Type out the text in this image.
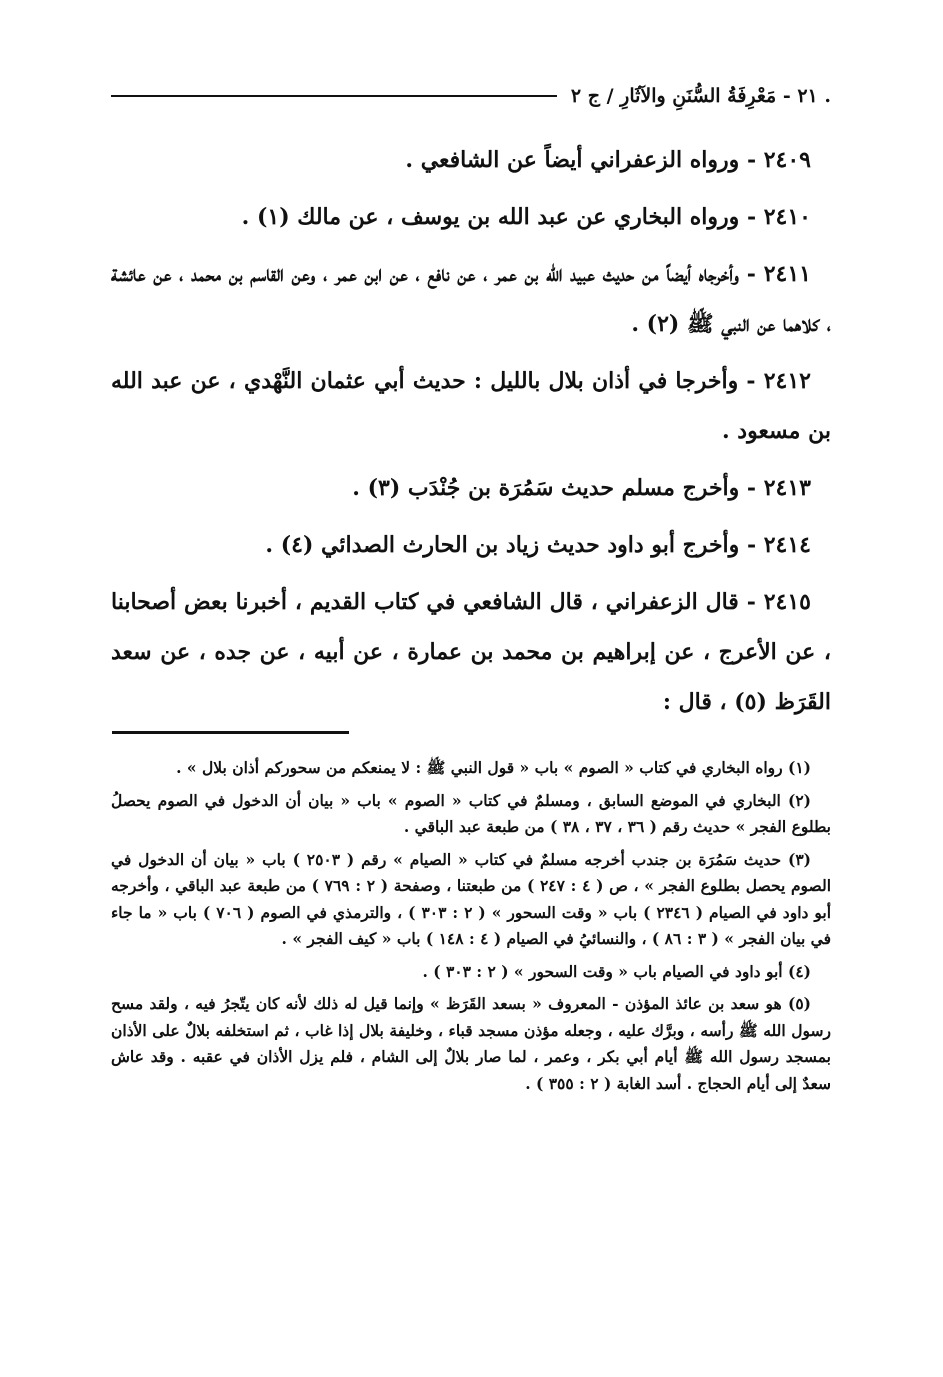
. ٢١ - مَعْرِفَةُ السُّنَنِ والآثَارِ / ج ٢

٢٤٠٩ - ورواه الزعفراني أيضاً عن الشافعي .

٢٤١٠ - ورواه البخاري عن عبد الله بن يوسف ، عن مالك (١) .

٢٤١١ - وأخرجاه أيضاً من حديث عبيد الله بن عمر ، عن نافع ، عن ابن عمر ، وعن القاسم بن محمد ، عن عائشة ، كلاهما عن النبي ﷺ (٢) .

٢٤١٢ - وأخرجا في أذان بلال بالليل : حديث أبي عثمان النَّهْدي ، عن عبد الله بن مسعود .

٢٤١٣ - وأخرج مسلم حديث سَمُرَة بن جُنْدَب (٣) .

٢٤١٤ - وأخرج أبو داود حديث زياد بن الحارث الصدائي (٤) .

٢٤١٥ - قال الزعفراني ، قال الشافعي في كتاب القديم ، أخبرنا بعض أصحابنا ، عن الأعرج ، عن إبراهيم بن محمد بن عمارة ، عن أبيه ، عن جده ، عن سعد القَرَظ (٥) ، قال :

(١) رواه البخاري في كتاب « الصوم » باب « قول النبي ﷺ : لا يمنعكم من سحوركم أذان بلال » .

(٢) البخاري في الموضع السابق ، ومسلمٌ في كتاب « الصوم » باب « بيان أن الدخول في الصوم يحصلُ بطلوع الفجر » حديث رقم ( ٣٦ ، ٣٧ ، ٣٨ ) من طبعة عبد الباقي .

(٣) حديث سَمُرَة بن جندب أخرجه مسلمٌ في كتاب « الصيام » رقم ( ٢٥٠٣ ) باب « بيان أن الدخول في الصوم يحصل بطلوع الفجر » ، ص ( ٤ : ٢٤٧ ) من طبعتنا ، وصفحة ( ٢ : ٧٦٩ ) من طبعة عبد الباقي ، وأخرجه أبو داود في الصيام ( ٢٣٤٦ ) باب « وقت السحور » ( ٢ : ٣٠٣ ) ، والترمذي في الصوم ( ٧٠٦ ) باب « ما جاء في بيان الفجر » ( ٣ : ٨٦ ) ، والنسائيُ في الصيام ( ٤ : ١٤٨ ) باب « كيف الفجر » .

(٤) أبو داود في الصيام باب « وقت السحور » ( ٢ : ٣٠٣ ) .

(٥) هو سعد بن عائذ المؤذن - المعروف « بسعد القَرَظ » وإنما قيل له ذلك لأنه كان يتّجرُ فيه ، ولقد مسح رسول الله ﷺ رأسه ، وبرَّك عليه ، وجعله مؤذن مسجد قباء ، وخليفة بلال إذا غاب ، ثم استخلفه بلالٌ على الأذان بمسجد رسول الله ﷺ أيام أبي بكر ، وعمر ، لما صار بلالٌ إلى الشام ، فلم يزل الأذان في عقبه . وقد عاش سعدٌ إلى أيام الحجاج . أسد الغابة ( ٢ : ٣٥٥ ) .
